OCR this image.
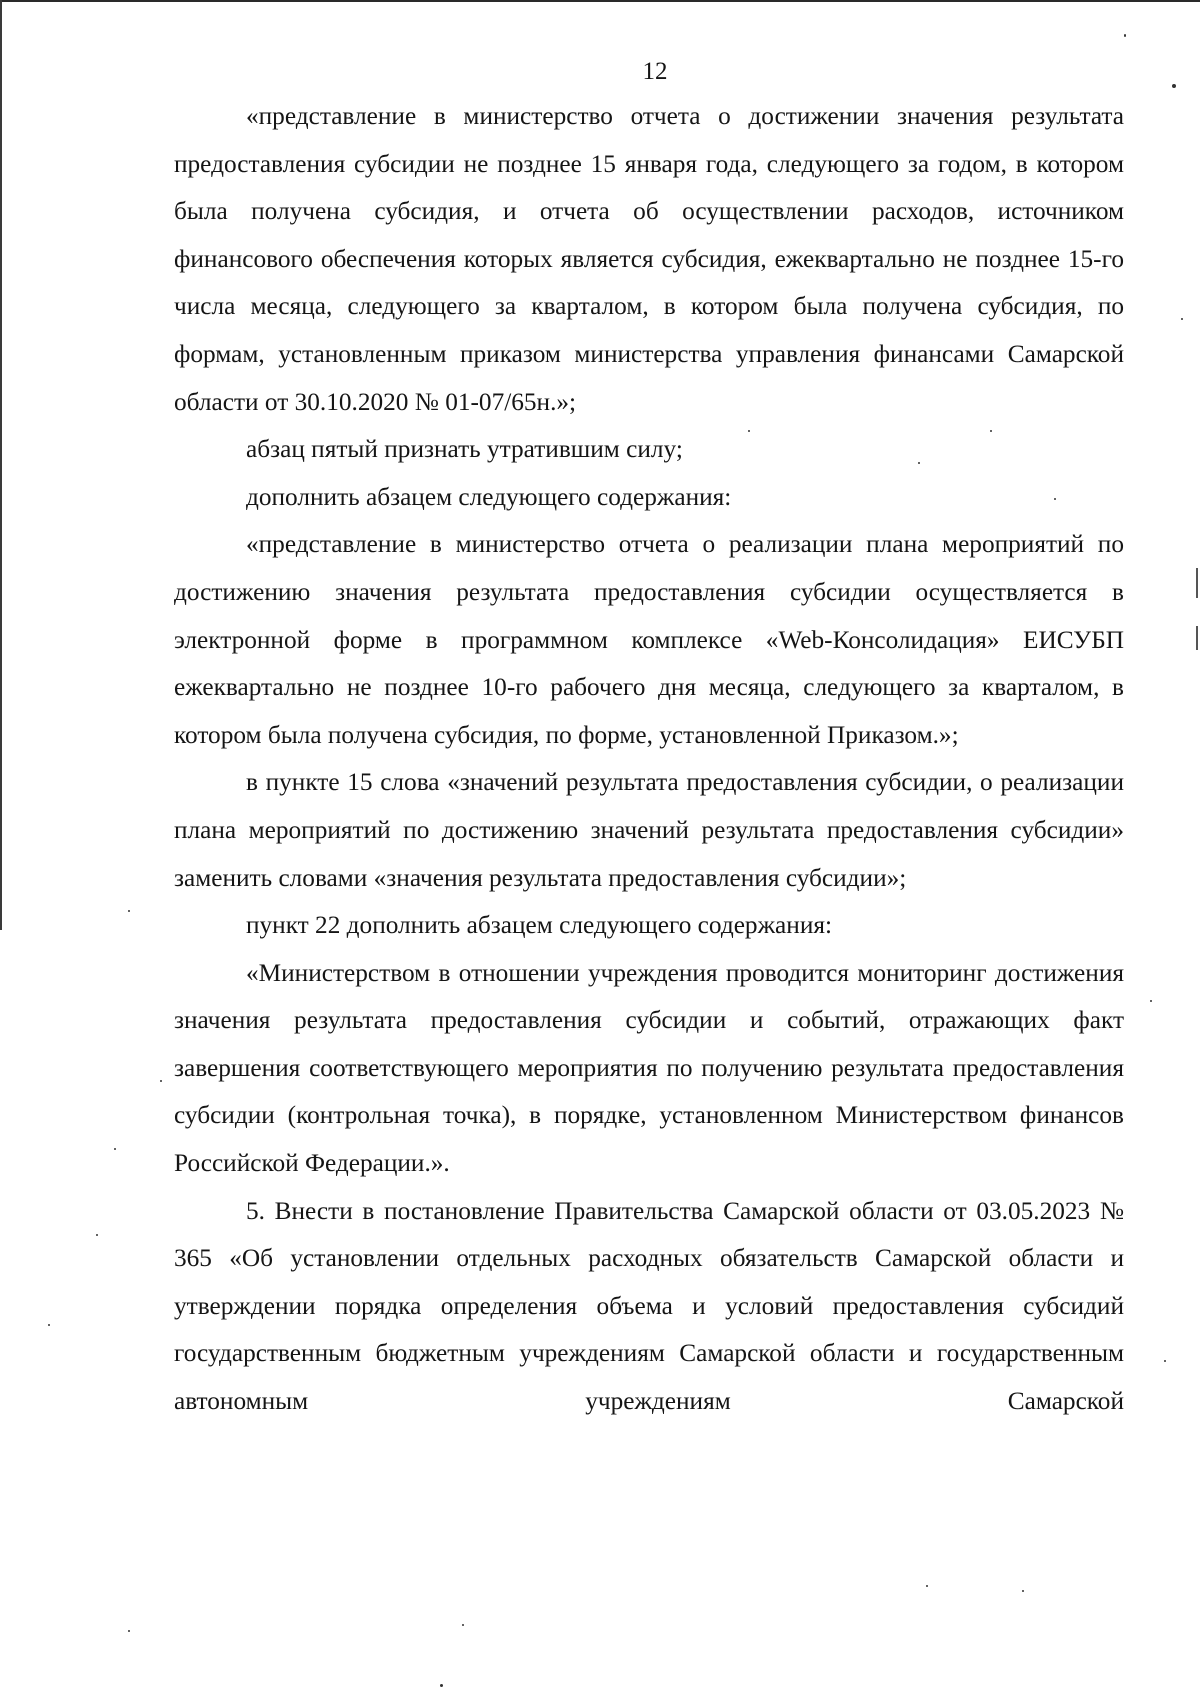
12

«представление в министерство отчета о достижении значения результата предоставления субсидии не позднее 15 января года, следующего за годом, в котором была получена субсидия, и отчета об осуществлении расходов, источником финансового обеспечения которых является субсидия, ежеквартально не позднее 15-го числа месяца, следующего за кварталом, в котором была получена субсидия, по формам, установленным приказом министерства управления финансами Самарской области от 30.10.2020 № 01-07/65н.»;

абзац пятый признать утратившим силу;

дополнить абзацем следующего содержания:

«представление в министерство отчета о реализации плана мероприятий по достижению значения результата предоставления субсидии осуществляется в электронной форме в программном комплексе «Web-Консолидация» ЕИСУБП ежеквартально не позднее 10-го рабочего дня месяца, следующего за кварталом, в котором была получена субсидия, по форме, установленной Приказом.»;

в пункте 15 слова «значений результата предоставления субсидии, о реализации плана мероприятий по достижению значений результата предоставления субсидии» заменить словами «значения результата предоставления субсидии»;

пункт 22 дополнить абзацем следующего содержания:

«Министерством в отношении учреждения проводится мониторинг достижения значения результата предоставления субсидии и событий, отражающих факт завершения соответствующего мероприятия по получению результата предоставления субсидии (контрольная точка), в порядке, установленном Министерством финансов Российской Федерации.».

5. Внести в постановление Правительства Самарской области от 03.05.2023 № 365 «Об установлении отдельных расходных обязательств Самарской области и утверждении порядка определения объема и условий предоставления субсидий государственным бюджетным учреждениям Самарской области и государственным автономным учреждениям Самарской
